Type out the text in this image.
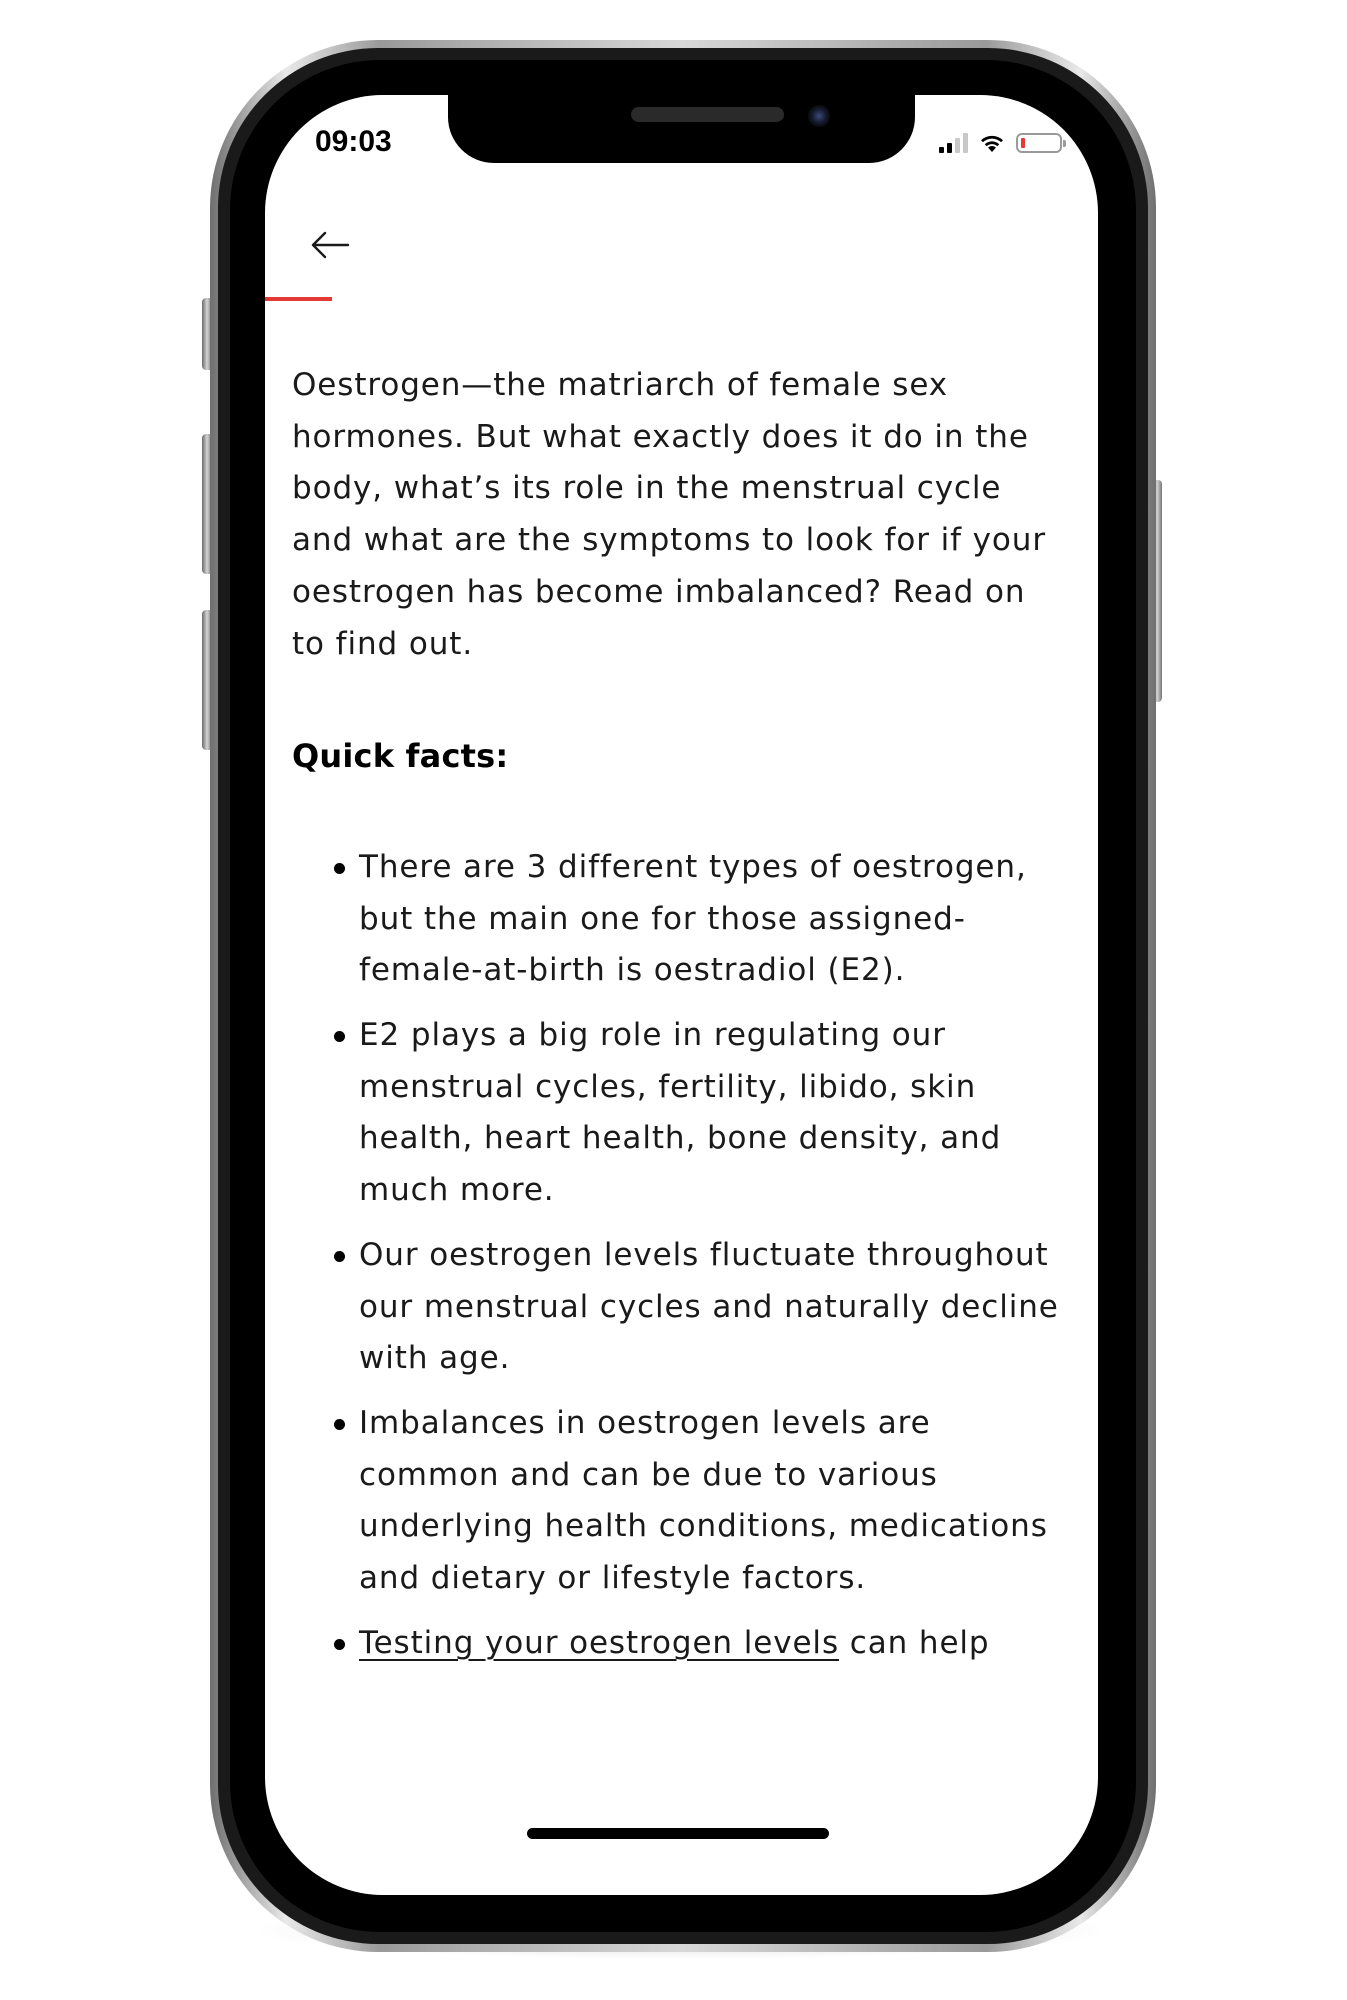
09:03

Oestrogen—the matriarch of female sex hormones. But what exactly does it do in the body, what’s its role in the menstrual cycle and what are the symptoms to look for if your oestrogen has become imbalanced? Read on to find out.

Quick facts:
There are 3 different types of oestrogen, but the main one for those assigned-female-at-birth is oestradiol (E2).
E2 plays a big role in regulating our menstrual cycles, fertility, libido, skin health, heart health, bone density, and much more.
Our oestrogen levels fluctuate throughout our menstrual cycles and naturally decline with age.
Imbalances in oestrogen levels are common and can be due to various underlying health conditions, medications and dietary or lifestyle factors.
Testing your oestrogen levels can help
